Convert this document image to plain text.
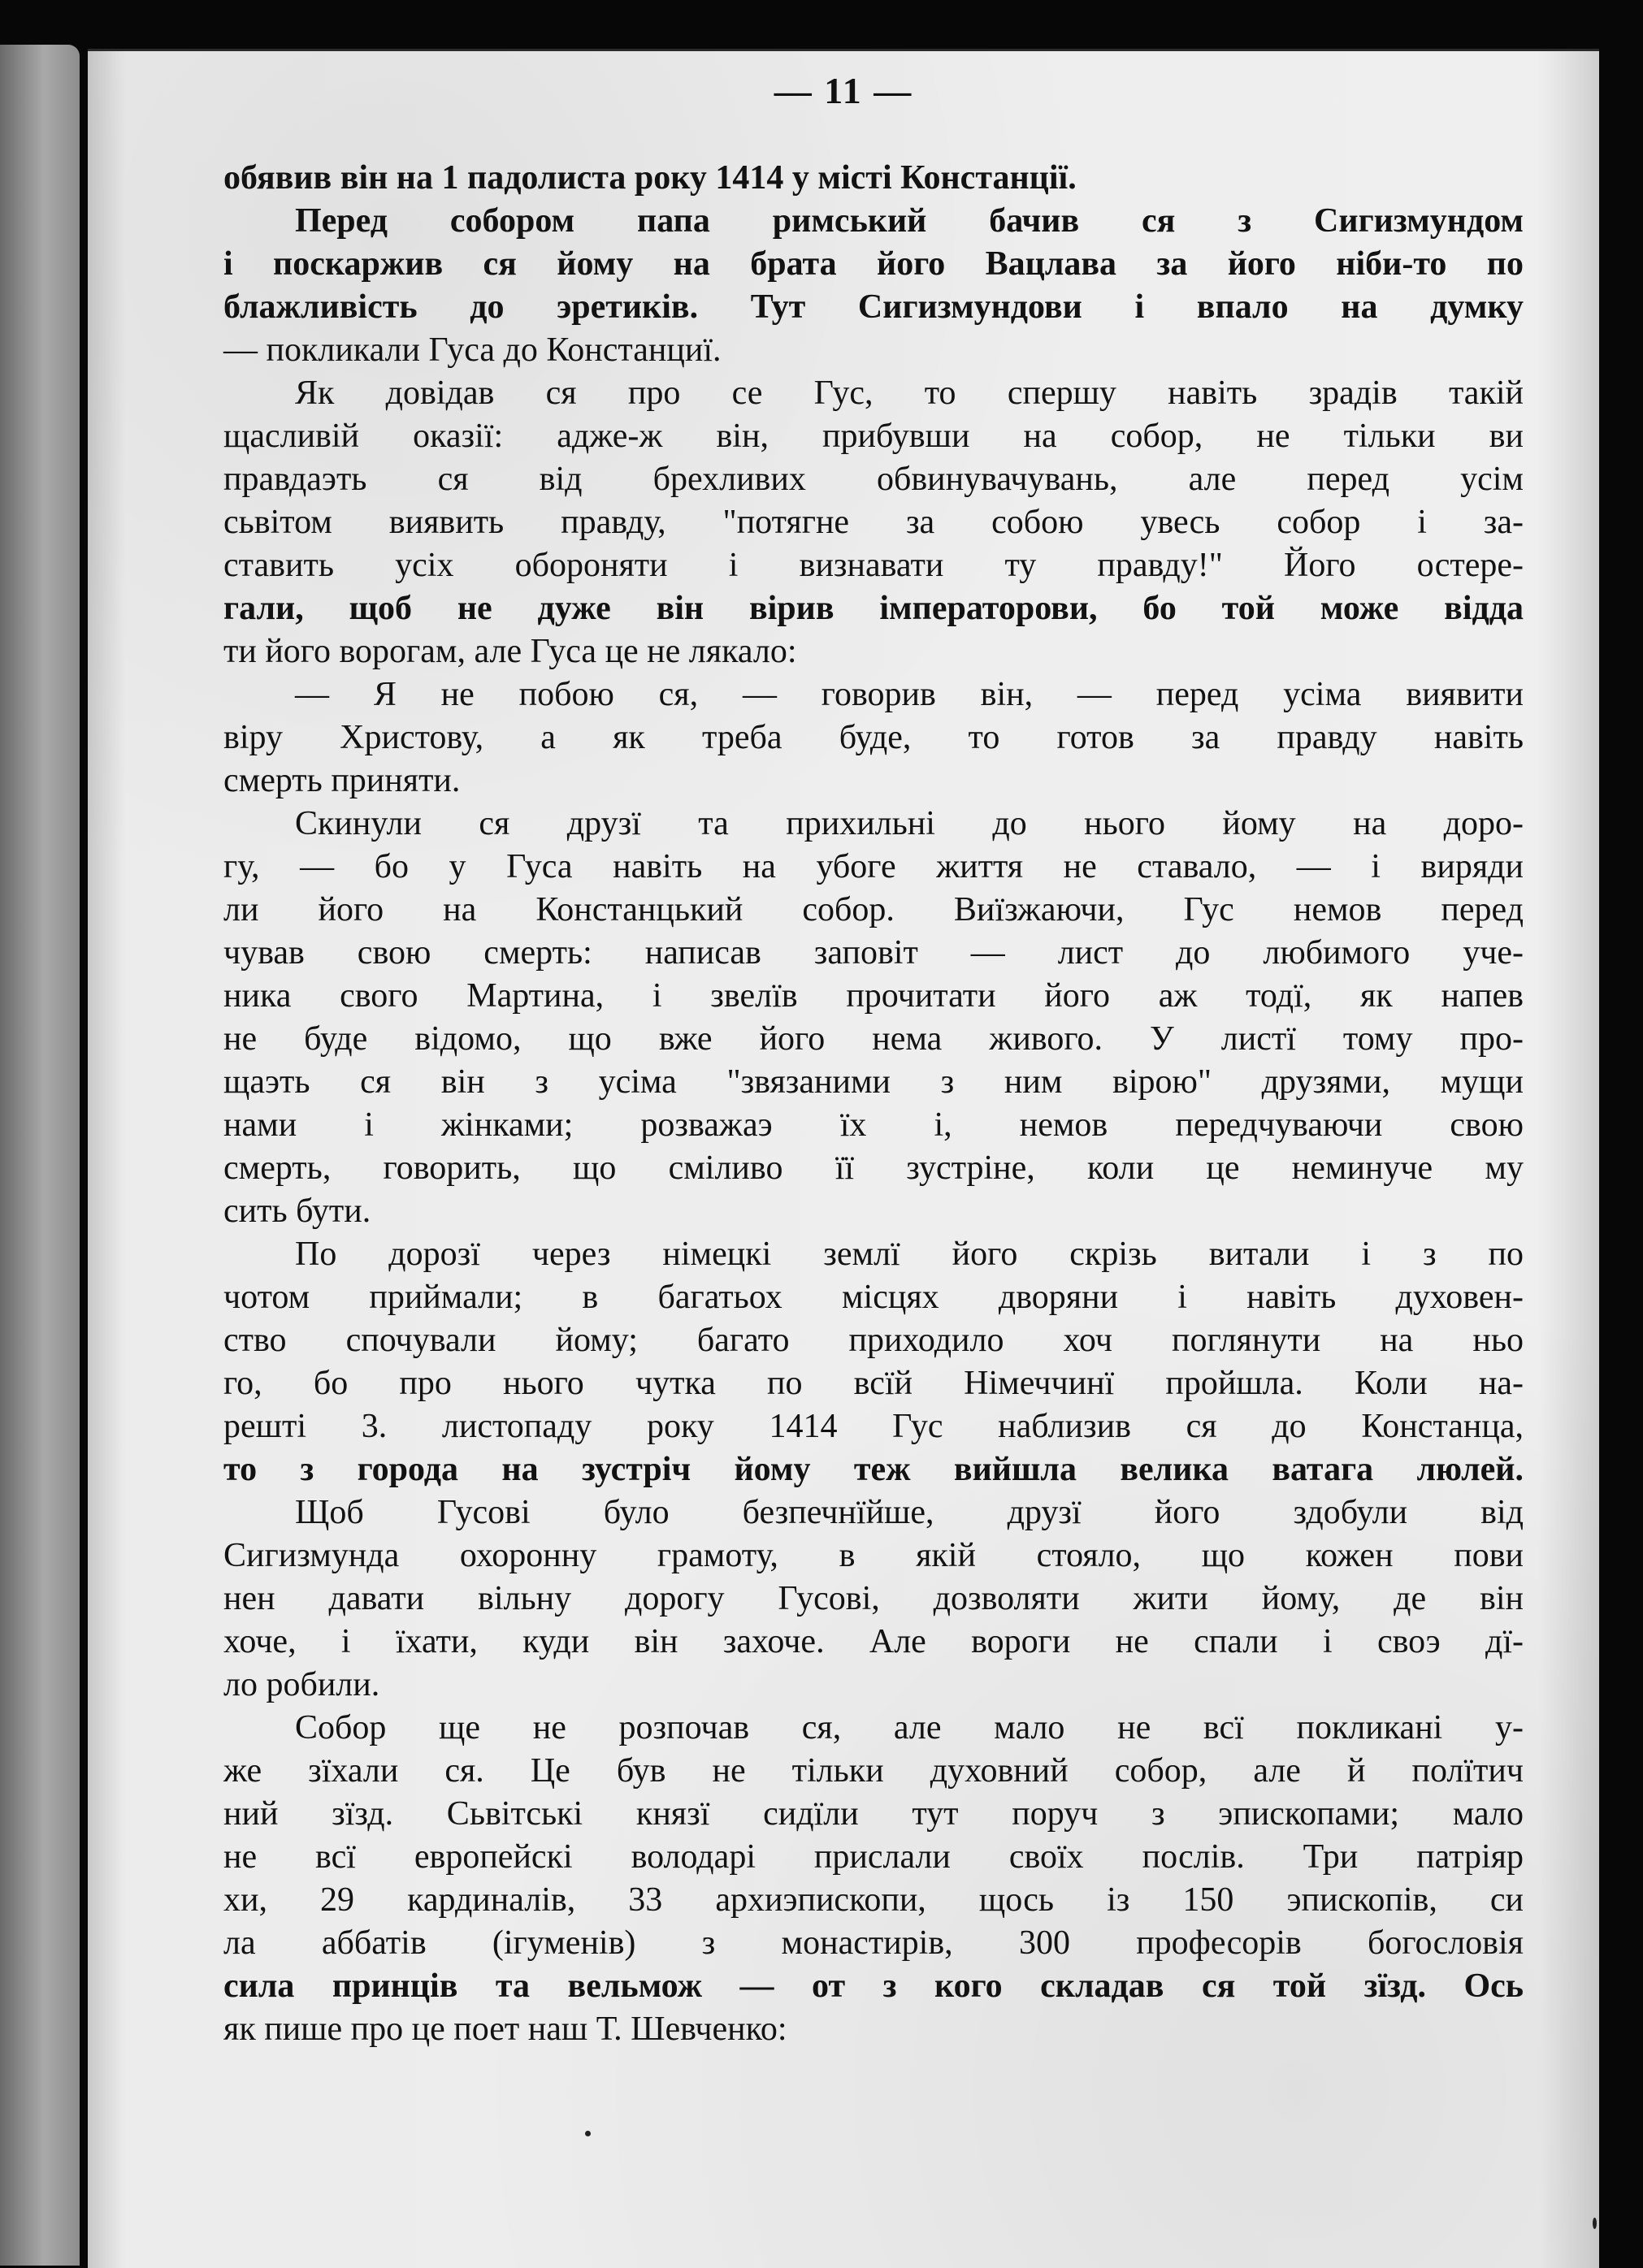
— 11 —
обявив він на 1 падолиста року 1414 у місті Констанції.
Перед собором папа римський бачив ся з Сигизмундом
і поскаржив ся йому на брата його Вацлава за його ніби-то по
блажливість до эретиків. Тут Сигизмундови і впало на думку
— покликали Гуса до Констанциї.
Як довідав ся про се Гус, то спершу навіть зрадів такій
щасливій оказії: адже-ж він, прибувши на собор, не тільки ви
правдаэть ся від брехливих обвинувачувань, але перед усім
сьвітом виявить правду, "потягне за собою увесь собор і за-
ставить усіх обороняти і визнавати ту правду!" Його остере-
гали, щоб не дуже він вірив імператорови, бо той може відда
ти його ворогам, але Гуса це не лякало:
— Я не побою ся, — говорив він, — перед усіма виявити
віру Христову, а як треба буде, то готов за правду навіть
смерть приняти.
Скинули ся друзї та прихильні до нього йому на доро-
гу, — бо у Гуса навіть на убоге життя не ставало, — і виряди
ли його на Констанцький собор. Виїзжаючи, Гус немов перед
чував свою смерть: написав заповіт — лист до любимого уче-
ника свого Мартина, і звелїв прочитати його аж тодї, як напев
не буде відомо, що вже його нема живого. У листї тому про-
щаэть ся він з усіма "звязаними з ним вірою" друзями, мущи
нами і жінками; розважаэ їх і, немов передчуваючи свою
смерть, говорить, що сміливо її зустріне, коли це неминуче му
сить бути.
По дорозї через німецкі землї його скрізь витали і з по
чотом приймали; в багатьох місцях дворяни і навіть духовен-
ство спочували йому; багато приходило хоч поглянути на ньо
го, бо про нього чутка по всїй Німеччинї пройшла. Коли на-
решті 3. листопаду року 1414 Гус наблизив ся до Констанца,
то з города на зустріч йому теж вийшла велика ватага люлей.
Щоб Гусові було безпечнїйше, друзї його здобули від
Сигизмунда охоронну грамоту, в якій стояло, що кожен пови
нен давати вільну дорогу Гусові, дозволяти жити йому, де він
хоче, і їхати, куди він захоче. Але вороги не спали і своэ дї-
ло робили.
Собор ще не розпочав ся, але мало не всї покликані у-
же зїхали ся. Це був не тільки духовний собор, але й полїтич
ний зїзд. Сьвітські князї сидїли тут поруч з эпископами; мало
не всї европейскі володарі прислали своїх послів. Три патріяр
хи, 29 кардиналів, 33 архиэпископи, щось із 150 эпископів, си
ла аббатів (ігуменів) з монастирів, 300 професорів богословія
сила принців та вельмож — от з кого складав ся той зїзд. Ось
як пише про це поет наш Т. Шевченко:
